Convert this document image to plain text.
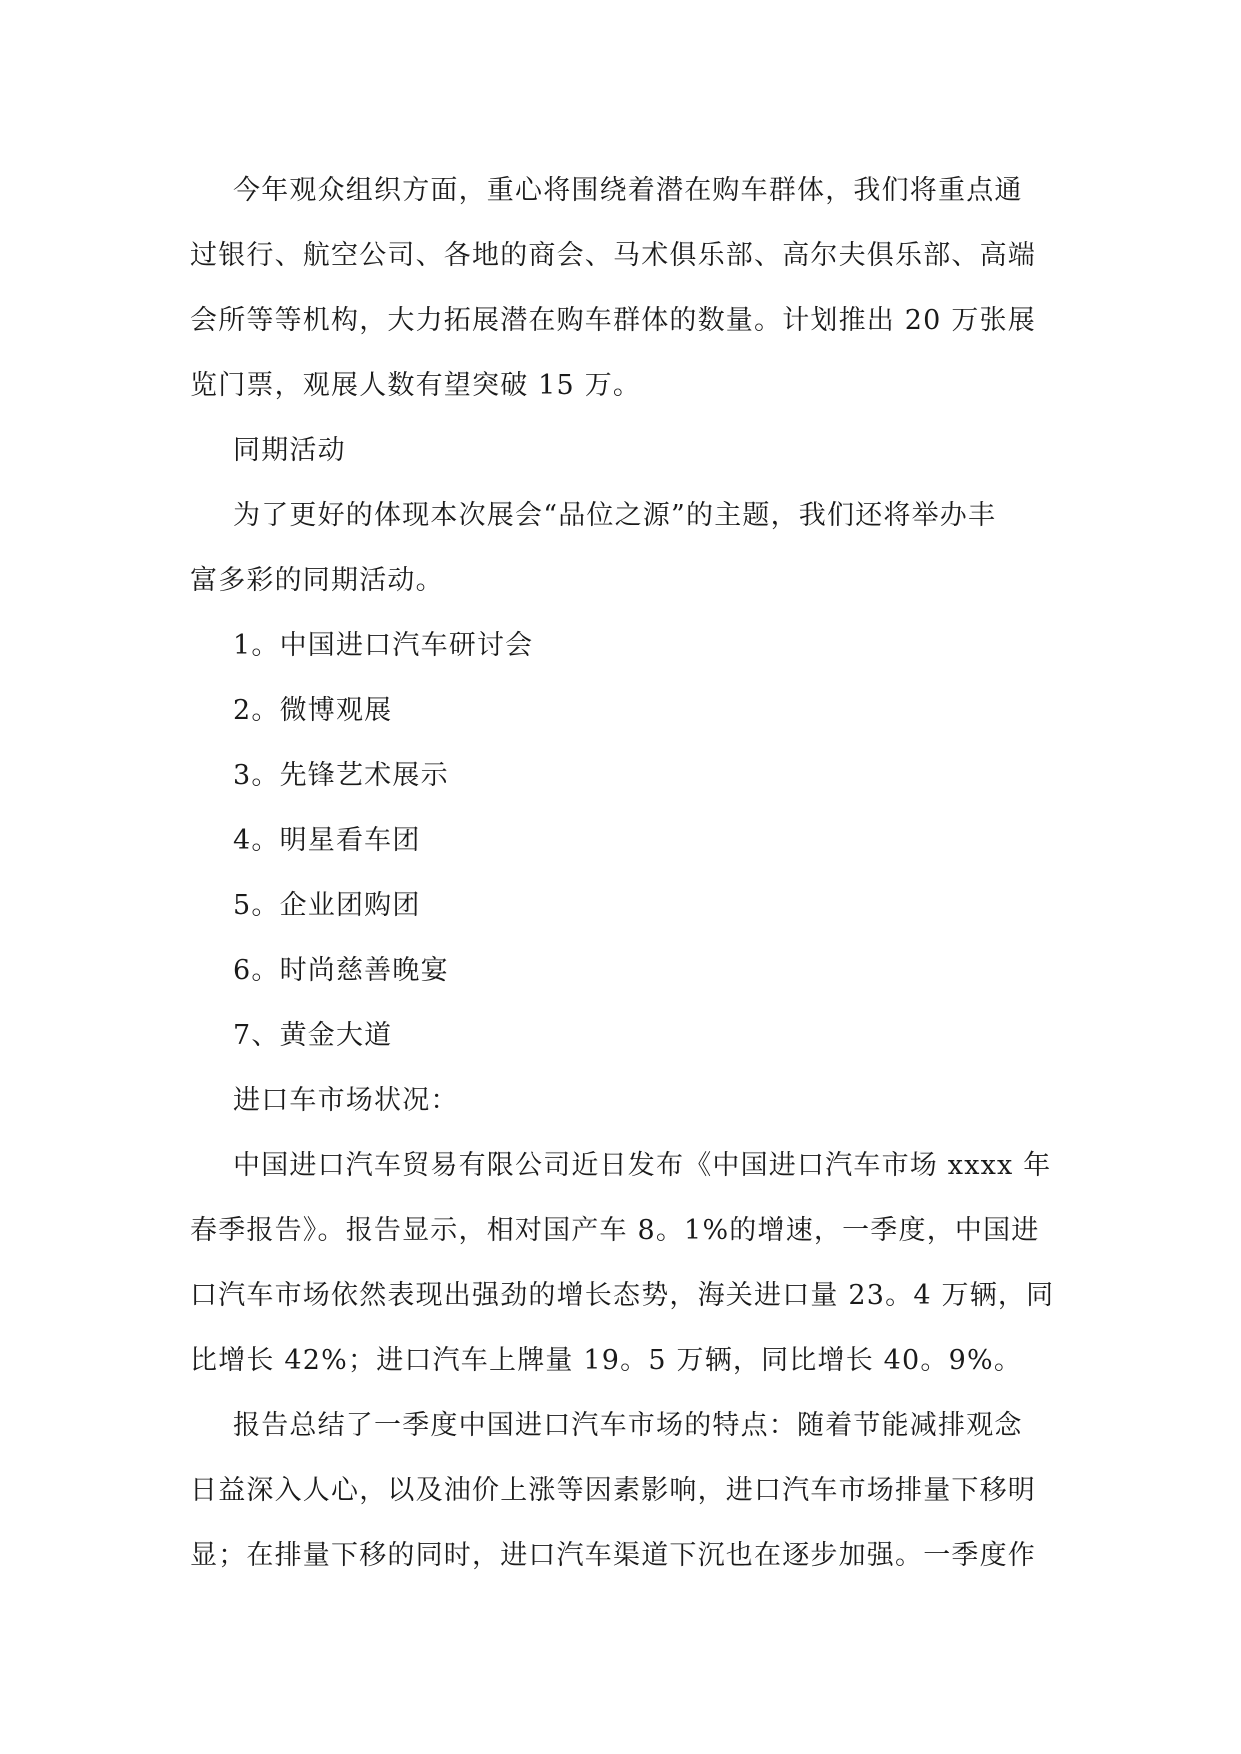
今年观众组织方面，重心将围绕着潜在购车群体，我们将重点通
过银行、航空公司、各地的商会、马术俱乐部、高尔夫俱乐部、高端
会所等等机构，大力拓展潜在购车群体的数量。计划推出 20 万张展
览门票，观展人数有望突破 15 万。
同期活动
为了更好的体现本次展会“品位之源”的主题，我们还将举办丰
富多彩的同期活动。
1。中国进口汽车研讨会
2。微博观展
3。先锋艺术展示
4。明星看车团
5。企业团购团
6。时尚慈善晚宴
7、黄金大道
进口车市场状况：
中国进口汽车贸易有限公司近日发布《中国进口汽车市场 xxxx 年
春季报告》。报告显示，相对国产车 8。1%的增速，一季度，中国进
口汽车市场依然表现出强劲的增长态势，海关进口量 23。4 万辆，同
比增长 42%；进口汽车上牌量 19。5 万辆，同比增长 40。9%。
报告总结了一季度中国进口汽车市场的特点：随着节能减排观念
日益深入人心，以及油价上涨等因素影响，进口汽车市场排量下移明
显；在排量下移的同时，进口汽车渠道下沉也在逐步加强。一季度作
